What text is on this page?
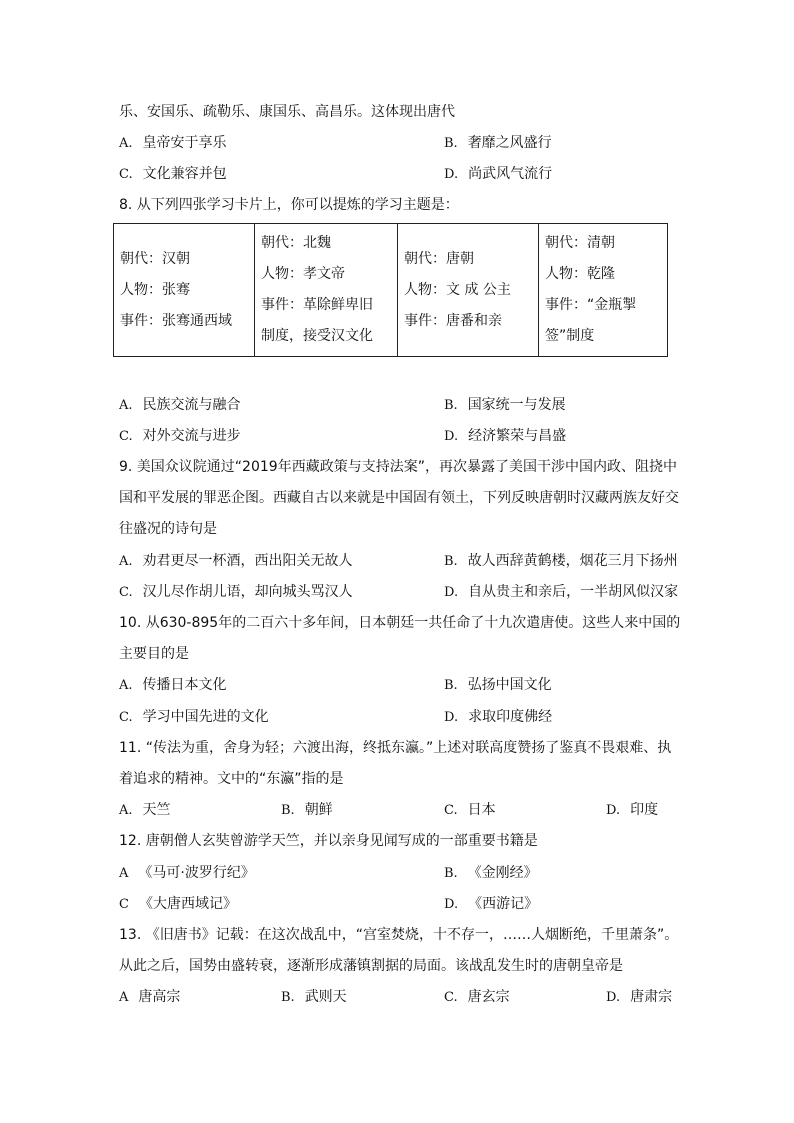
乐、安国乐、疏勒乐、康国乐、高昌乐。这体现出唐代
A. 皇帝安于享乐	B. 奢靡之风盛行
C. 文化兼容并包	D. 尚武风气流行
8. 从下列四张学习卡片上，你可以提炼的学习主题是：
朝代：汉朝
人物：张骞
事件：张骞通西域

朝代：北魏
人物：孝文帝
事件：革除鲜卑旧
制度，接受汉文化

朝代：唐朝
人物：文 成 公主
事件：唐番和亲

朝代：清朝
人物：乾隆
事件：“金瓶掣
签”制度
A. 民族交流与融合	B. 国家统一与发展
C. 对外交流与进步	D. 经济繁荣与昌盛
9. 美国众议院通过“2019年西藏政策与支持法案”，再次暴露了美国干涉中国内政、阻挠中
国和平发展的罪恶企图。西藏自古以来就是中国固有领土，下列反映唐朝时汉藏两族友好交
往盛况的诗句是
A. 劝君更尽一杯酒，西出阳关无故人	B. 故人西辞黄鹤楼，烟花三月下扬州
C. 汉儿尽作胡儿语，却向城头骂汉人	D. 自从贵主和亲后，一半胡风似汉家
10. 从630-895年的二百六十多年间，日本朝廷一共任命了十九次遣唐使。这些人来中国的
主要目的是
A. 传播日本文化	B. 弘扬中国文化
C. 学习中国先进的文化	D. 求取印度佛经
11. “传法为重，舍身为轻；六渡出海，终抵东瀛。”上述对联高度赞扬了鉴真不畏艰难、执
着追求的精神。文中的“东瀛”指的是
A. 天竺	B. 朝鲜	C. 日本	D. 印度
12. 唐朝僧人玄奘曾游学天竺，并以亲身见闻写成的一部重要书籍是
A 《马可·波罗行纪》	B. 《金刚经》
C 《大唐西域记》	D. 《西游记》
13. 《旧唐书》记载：在这次战乱中，“宫室焚烧，十不存一，……人烟断绝，千里萧条”。
从此之后，国势由盛转衰，逐渐形成藩镇割据的局面。该战乱发生时的唐朝皇帝是
A 唐高宗	B. 武则天	C. 唐玄宗	D. 唐肃宗
